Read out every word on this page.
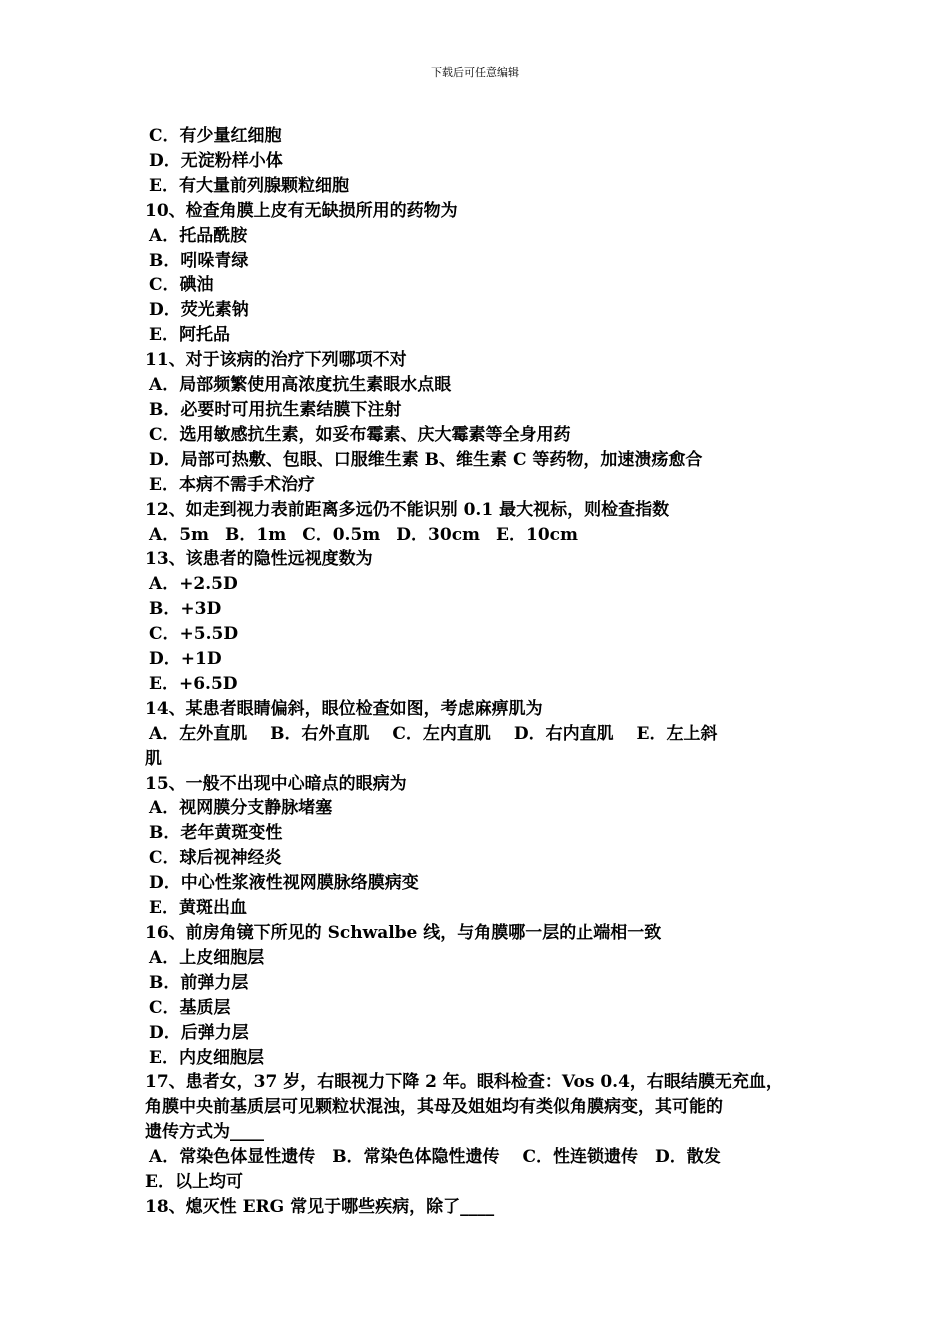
下载后可任意编辑
C．有少量红细胞
D．无淀粉样小体
E．有大量前列腺颗粒细胞
10、检查角膜上皮有无缺损所用的药物为
A．托品酰胺
B．吲哚青绿
C．碘油
D．荧光素钠
E．阿托品
11、对于该病的治疗下列哪项不对
A．局部频繁使用高浓度抗生素眼水点眼
B．必要时可用抗生素结膜下注射
C．选用敏感抗生素，如妥布霉素、庆大霉素等全身用药
D．局部可热敷、包眼、口服维生素 B、维生素 C 等药物，加速溃疡愈合
E．本病不需手术治疗
12、如走到视力表前距离多远仍不能识别 0.1 最大视标，则检查指数
A．5m B．1m C．0.5m D．30cm E．10cm
13、该患者的隐性远视度数为
A．+2.5D
B．+3D
C．+5.5D
D．+1D
E．+6.5D
14、某患者眼睛偏斜，眼位检查如图，考虑麻痹肌为
A．左外直肌　 B．右外直肌　 C．左内直肌　 D．右内直肌　 E．左上斜
肌
15、一般不出现中心暗点的眼病为
A．视网膜分支静脉堵塞
B．老年黄斑变性
C．球后视神经炎
D．中心性浆液性视网膜脉络膜病变
E．黄斑出血
16、前房角镜下所见的 Schwalbe 线，与角膜哪一层的止端相一致
A．上皮细胞层
B．前弹力层
C．基质层
D．后弹力层
E．内皮细胞层
17、患者女，37 岁，右眼视力下降 2 年。眼科检查：Vos 0.4，右眼结膜无充血，
角膜中央前基质层可见颗粒状混浊，其母及姐姐均有类似角膜病变，其可能的
遗传方式为____
A．常染色体显性遗传　B．常染色体隐性遗传　 C．性连锁遗传　D．散发
E．以上均可
18、熄灭性 ERG 常见于哪些疾病，除了____
